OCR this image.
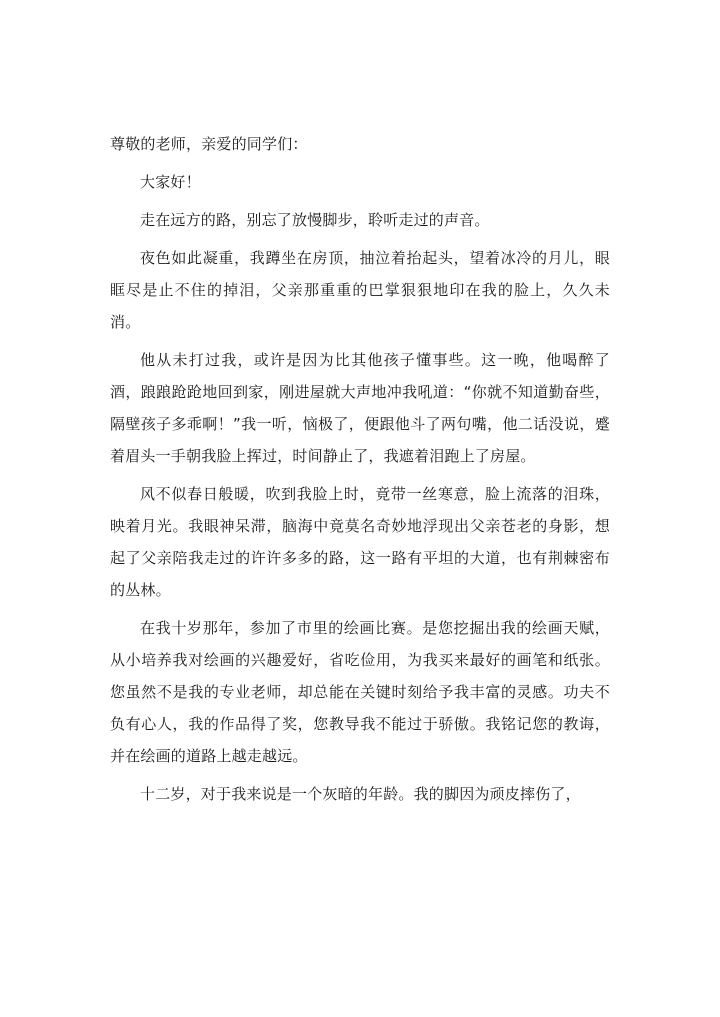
尊敬的老师，亲爱的同学们：

大家好！

走在远方的路，别忘了放慢脚步，聆听走过的声音。

夜色如此凝重，我蹲坐在房顶，抽泣着抬起头，望着冰冷的月儿，眼眶尽是止不住的掉泪，父亲那重重的巴掌狠狠地印在我的脸上，久久未消。

他从未打过我，或许是因为比其他孩子懂事些。这一晚，他喝醉了酒，踉踉跄跄地回到家，刚进屋就大声地冲我吼道：“你就不知道勤奋些，隔壁孩子多乖啊！”我一听，恼极了，便跟他斗了两句嘴，他二话没说，蹙着眉头一手朝我脸上挥过，时间静止了，我遮着泪跑上了房屋。

风不似春日般暖，吹到我脸上时，竟带一丝寒意，脸上流落的泪珠，映着月光。我眼神呆滞，脑海中竟莫名奇妙地浮现出父亲苍老的身影，想起了父亲陪我走过的许许多多的路，这一路有平坦的大道，也有荆棘密布的丛林。

在我十岁那年，参加了市里的绘画比赛。是您挖掘出我的绘画天赋，从小培养我对绘画的兴趣爱好，省吃俭用，为我买来最好的画笔和纸张。您虽然不是我的专业老师，却总能在关键时刻给予我丰富的灵感。功夫不负有心人，我的作品得了奖，您教导我不能过于骄傲。我铭记您的教诲，并在绘画的道路上越走越远。

十二岁，对于我来说是一个灰暗的年龄。我的脚因为顽皮摔伤了，
